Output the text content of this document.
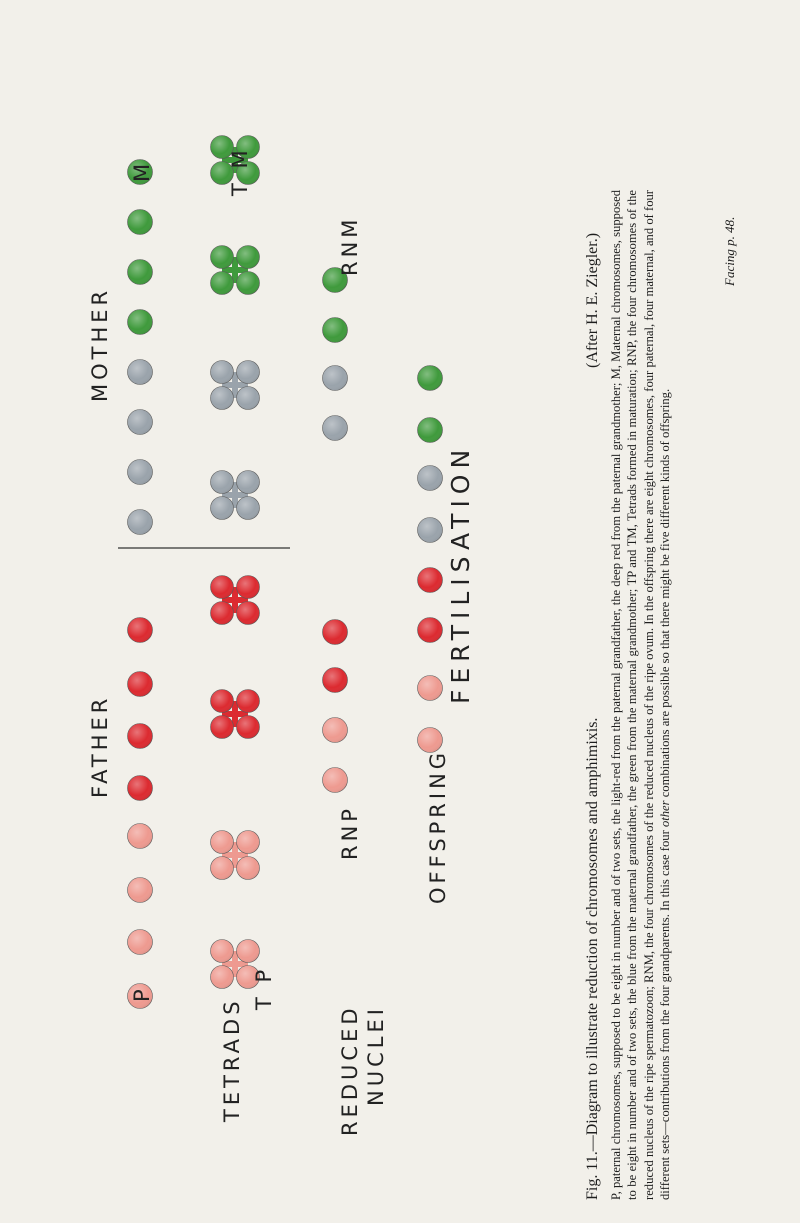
MOTHER
FATHER
M
P
T M
T P
TETRADS
RNM
RNP
REDUCED NUCLEI
FERTILISATION
OFFSPRING	Fig. 11.—Diagram to illustrate reduction of chromosomes and amphimixis.
(After H. E. Ziegler.) P, paternal chromosomes, supposed to be eight in number and of two sets, the light-red from the paternal grandfather, the deep red from the paternal grandmother; M, Maternal chromosomes, supposed to be eight in number and of two sets, the blue from the maternal grandfather, the green from the maternal grandmother; TP and TM, Tetrads formed in maturation; RNP, the four chromosomes of the reduced nucleus of the ripe spermatozoon; RNM, the four chromosomes of the reduced nucleus of the ripe ovum. In the offspring there are eight chromosomes, four paternal, four maternal, and of four different sets—contributions from the four grandparents. In this case four other combinations are possible so that there might be five different kinds of offspring.
Facing p. 48.
